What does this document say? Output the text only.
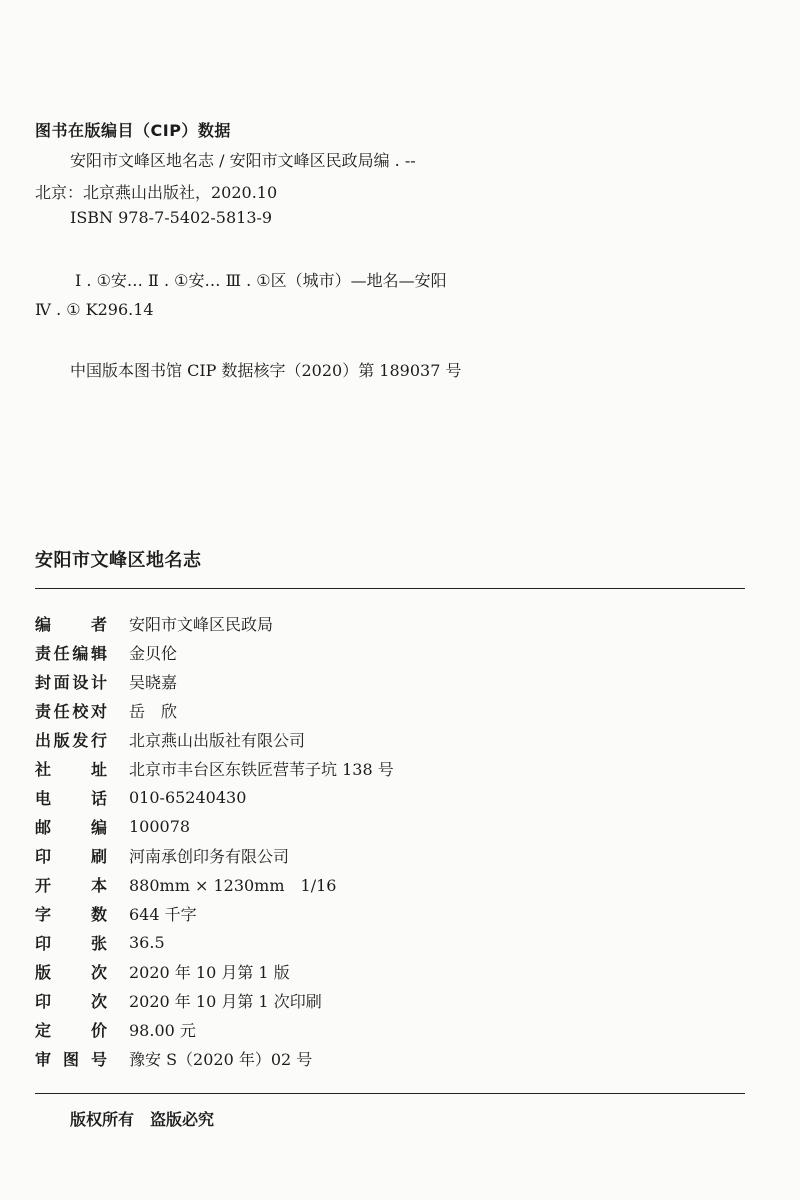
图书在版编目（CIP）数据
安阳市文峰区地名志 / 安阳市文峰区民政局编 . --
北京：北京燕山出版社，2020.10
ISBN 978-7-5402-5813-9
Ⅰ . ①安… Ⅱ . ①安… Ⅲ . ①区（城市）—地名—安阳
Ⅳ . ① K296.14
中国版本图书馆 CIP 数据核字（2020）第 189037 号
安阳市文峰区地名志
编 者 安阳市文峰区民政局
责 任 编 辑 金贝伦
封 面 设 计 吴晓嘉
责 任 校 对 岳　欣
出 版 发 行 北京燕山出版社有限公司
社 址 北京市丰台区东铁匠营苇子坑 138 号
电 话 010-65240430
邮 编 100078
印 刷 河南承创印务有限公司
开 本 880mm × 1230mm　1/16
字 数 644 千字
印 张 36.5
版 次 2020 年 10 月第 1 版
印 次 2020 年 10 月第 1 次印刷
定 价 98.00 元
审 图 号 豫安 S（2020 年）02 号
版权所有　盗版必究
